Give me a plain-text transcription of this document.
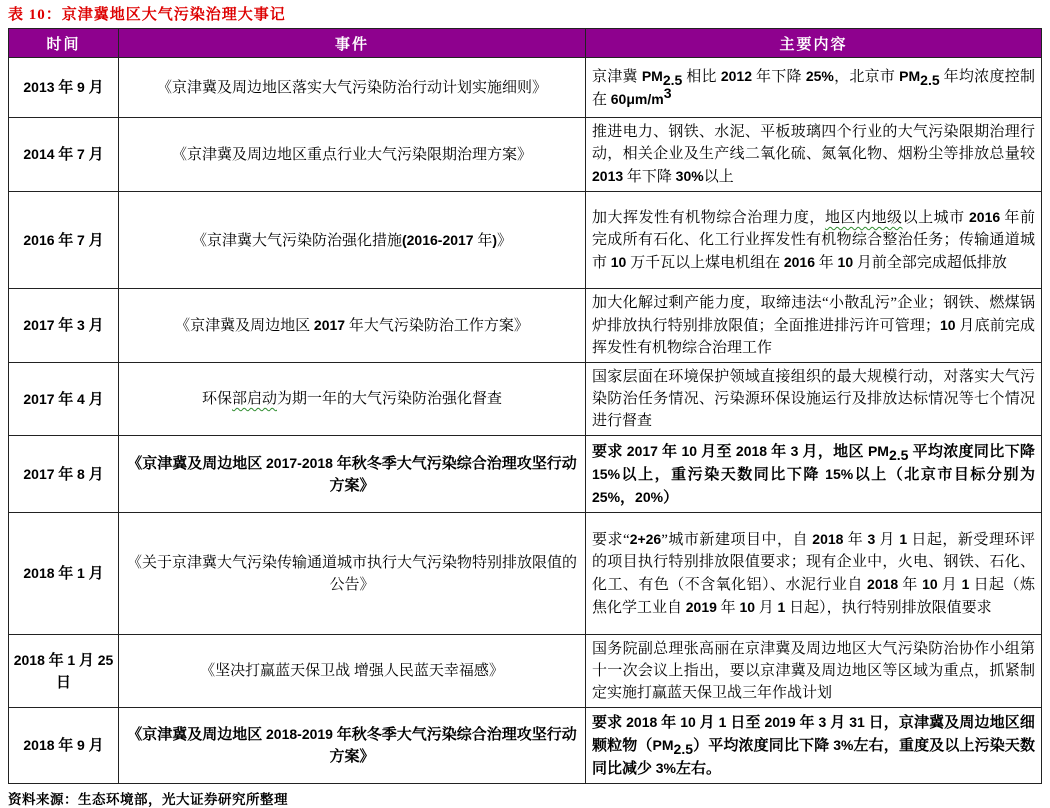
表 10：京津冀地区大气污染治理大事记
时间	事件	主要内容
2013 年 9 月	《京津冀及周边地区落实大气污染防治行动计划实施细则》	京津冀 $PM_{2.5}$ 相比 2012 年下降 25%，北京市 $PM_{2.5}$ 年均浓度控制在 $60\mu m/m^3$
2014 年 7 月	《京津冀及周边地区重点行业大气污染限期治理方案》	推进电力、钢铁、水泥、平板玻璃四个行业的大气污染限期治理行动，相关企业及生产线二氧化硫、氮氧化物、烟粉尘等排放总量较 2013 年下降 30%以上
2016 年 7 月	《京津冀大气污染防治强化措施(2016-2017 年)》	加大挥发性有机物综合治理力度，地区内地级以上城市 2016 年前完成所有石化、化工行业挥发性有机物综合整治任务；传输通道城市 10 万千瓦以上煤电机组在 2016 年 10 月前全部完成超低排放
2017 年 3 月	《京津冀及周边地区 2017 年大气污染防治工作方案》	加大化解过剩产能力度，取缔违法“小散乱污”企业；钢铁、燃煤锅炉排放执行特别排放限值；全面推进排污许可管理；10 月底前完成挥发性有机物综合治理工作
2017 年 4 月	环保部启动为期一年的大气污染防治强化督查	国家层面在环境保护领域直接组织的最大规模行动，对落实大气污染防治任务情况、污染源环保设施运行及排放达标情况等七个情况进行督查
2017 年 8 月	《京津冀及周边地区 2017-2018 年秋冬季大气污染综合治理攻坚行动方案》	要求 2017 年 10 月至 2018 年 3 月，地区 $PM_{2.5}$ 平均浓度同比下降 15%以上，重污染天数同比下降 15%以上（北京市目标分别为 25%，20%）
2018 年 1 月	《关于京津冀大气污染传输通道城市执行大气污染物特别排放限值的公告》	要求“2+26”城市新建项目中，自 2018 年 3 月 1 日起，新受理环评的项目执行特别排放限值要求；现有企业中，火电、钢铁、石化、化工、有色（不含氧化铝）、水泥行业自 2018 年 10 月 1 日起（炼焦化学工业自 2019 年 10 月 1 日起），执行特别排放限值要求
2018 年 1 月 25 日	《坚决打赢蓝天保卫战 增强人民蓝天幸福感》	国务院副总理张高丽在京津冀及周边地区大气污染防治协作小组第十一次会议上指出，要以京津冀及周边地区等区域为重点，抓紧制定实施打赢蓝天保卫战三年作战计划
2018 年 9 月	《京津冀及周边地区 2018-2019 年秋冬季大气污染综合治理攻坚行动方案》	要求 2018 年 10 月 1 日至 2019 年 3 月 31 日，京津冀及周边地区细颗粒物$(PM_{2.5})$平均浓度同比下降 3%左右，重度及以上污染天数同比减少 3%左右。
资料来源：生态环境部，光大证券研究所整理
